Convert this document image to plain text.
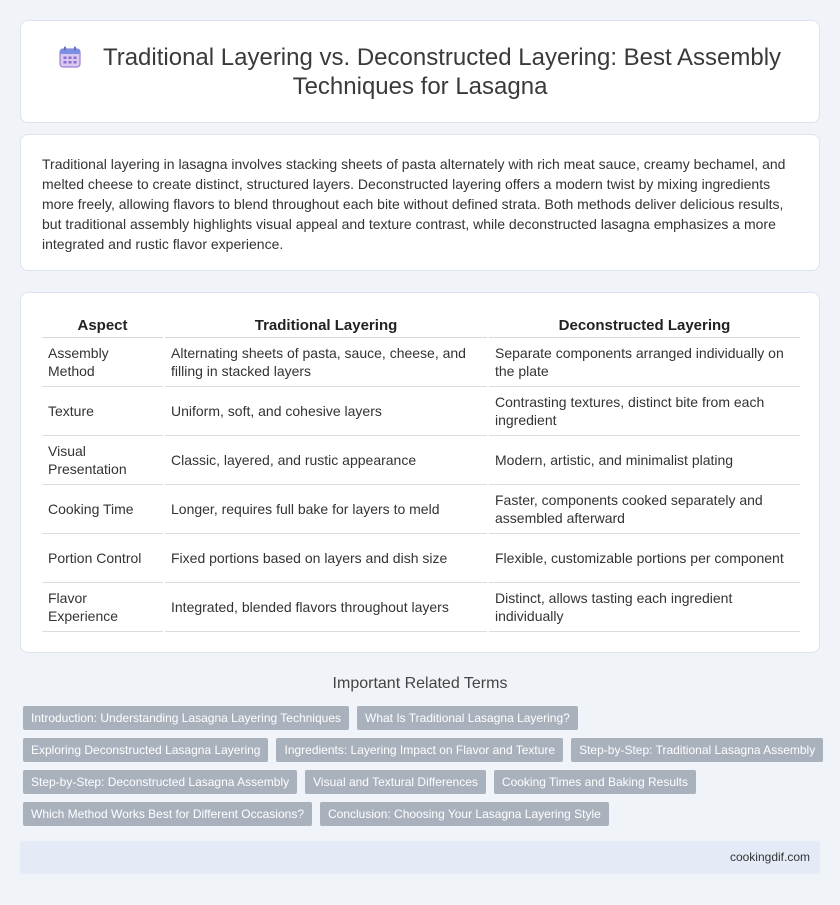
Traditional Layering vs. Deconstructed Layering: Best Assembly Techniques for Lasagna

Traditional layering in lasagna involves stacking sheets of pasta alternately with rich meat sauce, creamy bechamel, and melted cheese to create distinct, structured layers. Deconstructed layering offers a modern twist by mixing ingredients more freely, allowing flavors to blend throughout each bite without defined strata. Both methods deliver delicious results, but traditional assembly highlights visual appeal and texture contrast, while deconstructed lasagna emphasizes a more integrated and rustic flavor experience.

Aspect	Traditional Layering	Deconstructed Layering
Assembly Method	Alternating sheets of pasta, sauce, cheese, and filling in stacked layers	Separate components arranged individually on the plate
Texture	Uniform, soft, and cohesive layers	Contrasting textures, distinct bite from each ingredient
Visual Presentation	Classic, layered, and rustic appearance	Modern, artistic, and minimalist plating
Cooking Time	Longer, requires full bake for layers to meld	Faster, components cooked separately and assembled afterward
Portion Control	Fixed portions based on layers and dish size	Flexible, customizable portions per component
Flavor Experience	Integrated, blended flavors throughout layers	Distinct, allows tasting each ingredient individually
Important Related Terms
Introduction: Understanding Lasagna Layering Techniques	What Is Traditional Lasagna Layering?
Exploring Deconstructed Lasagna Layering	Ingredients: Layering Impact on Flavor and Texture	Step-by-Step: Traditional Lasagna Assembly
Step-by-Step: Deconstructed Lasagna Assembly	Visual and Textural Differences	Cooking Times and Baking Results
Which Method Works Best for Different Occasions?	Conclusion: Choosing Your Lasagna Layering Style
cookingdif.com
